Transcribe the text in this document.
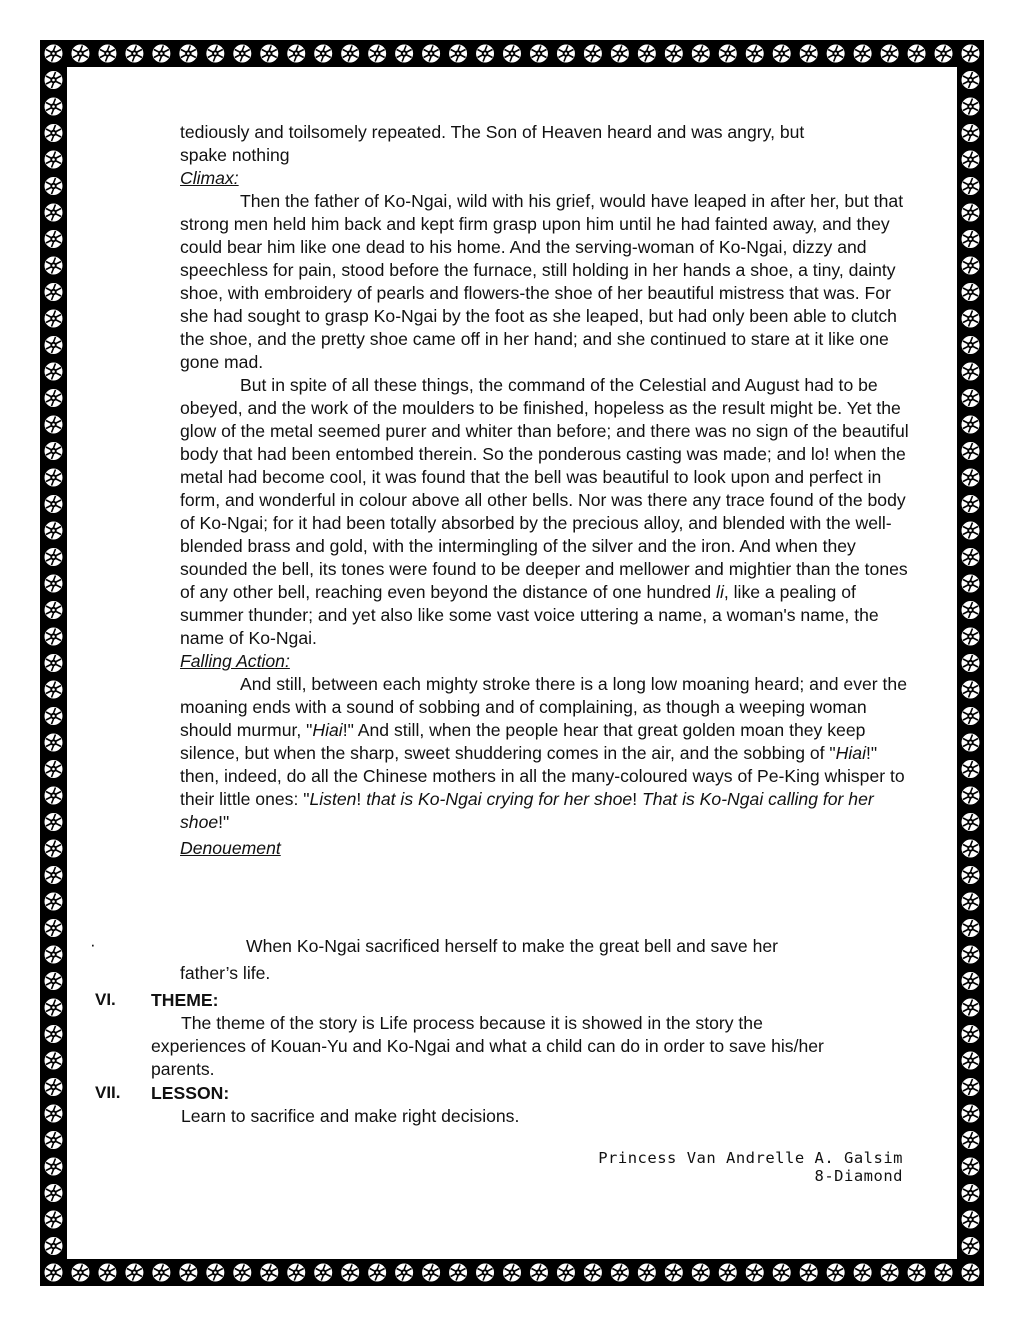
tediously and toilsomely repeated. The Son of Heaven heard and was angry, but

spake nothing

Climax:

Then the father of Ko-Ngai, wild with his grief, would have leaped in after her, but that strong men held him back and kept firm grasp upon him until he had fainted away, and they could bear him like one dead to his home. And the serving-woman of Ko-Ngai, dizzy and speechless for pain, stood before the furnace, still holding in her hands a shoe, a tiny, dainty shoe, with embroidery of pearls and flowers-the shoe of her beautiful mistress that was. For she had sought to grasp Ko-Ngai by the foot as she leaped, but had only been able to clutch the shoe, and the pretty shoe came off in her hand; and she continued to stare at it like one gone mad.

But in spite of all these things, the command of the Celestial and August had to be obeyed, and the work of the moulders to be finished, hopeless as the result might be. Yet the glow of the metal seemed purer and whiter than before; and there was no sign of the beautiful body that had been entombed therein. So the ponderous casting was made; and lo! when the metal had become cool, it was found that the bell was beautiful to look upon and perfect in form, and wonderful in colour above all other bells. Nor was there any trace found of the body of Ko-Ngai; for it had been totally absorbed by the precious alloy, and blended with the well-blended brass and gold, with the intermingling of the silver and the iron. And when they sounded the bell, its tones were found to be deeper and mellower and mightier than the tones of any other bell, reaching even beyond the distance of one hundred li, like a pealing of summer thunder; and yet also like some vast voice uttering a name, a woman's name, the name of Ko-Ngai.

Falling Action:

And still, between each mighty stroke there is a long low moaning heard; and ever the moaning ends with a sound of sobbing and of complaining, as though a weeping woman should murmur, "Hiai!" And still, when the people hear that great golden moan they keep silence, but when the sharp, sweet shuddering comes in the air, and the sobbing of "Hiai!" then, indeed, do all the Chinese mothers in all the many-coloured ways of Pe-King whisper to their little ones: "Listen! that is Ko-Ngai crying for her shoe! That is Ko-Ngai calling for her shoe!"

Denouement

·	When Ko-Ngai sacrificed herself to make the great bell and save her
father’s life.
VI. THEME:
The theme of the story is Life process because it is showed in the story the
experiences of Kouan-Yu and Ko-Ngai and what a child can do in order to save his/her parents.
VII. LESSON:
Learn to sacrifice and make right decisions.
Princess Van Andrelle A. Galsim
8-Diamond
